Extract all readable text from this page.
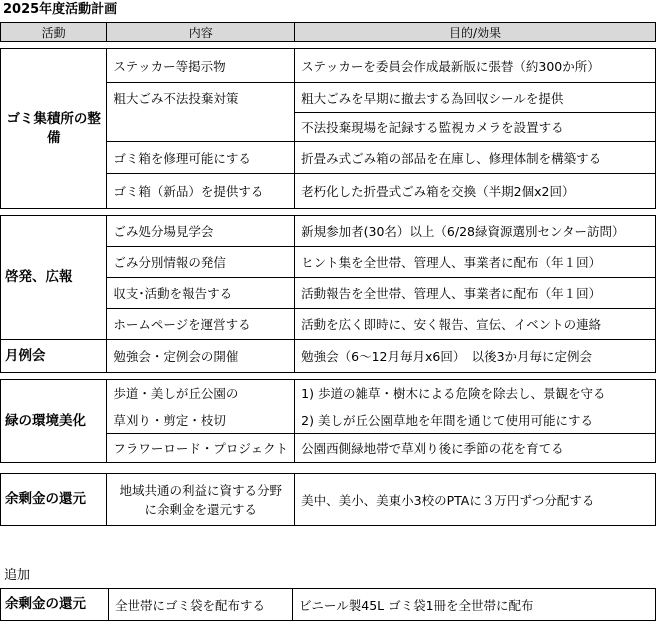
2025年度活動計画
活動	内容	目的/効果

ゴミ集積所の整備	ステッカー等掲示物	ステッカーを委員会作成最新版に張替（約300か所）
	粗大ごみ不法投棄対策	粗大ごみを早期に撤去する為回収シールを提供
		不法投棄現場を記録する監視カメラを設置する
	ゴミ箱を修理可能にする	折畳み式ごみ箱の部品を在庫し、修理体制を構築する
	ゴミ箱（新品）を提供する	老朽化した折畳式ごみ箱を交換（半期2個x2回）

啓発、広報	ごみ処分場見学会	新規参加者(30名）以上（6/28緑資源選別センター訪問）
	ごみ分別情報の発信	ヒント集を全世帯、管理人、事業者に配布（年１回）
	収支･活動を報告する	活動報告を全世帯、管理人、事業者に配布（年１回）
	ホームページを運営する	活動を広く即時に、安く報告、宣伝、イベントの連絡
月例会	勉強会・定例会の開催	勉強会（6～12月毎月x6回）　以後3か月毎に定例会

緑の環境美化	歩道・美しが丘公園の	1) 歩道の雑草・樹木による危険を除去し、景観を守る
	草刈り・剪定・枝切	2) 美しが丘公園草地を年間を通じて使用可能にする
	フラワーロード・プロジェクト	公園西側緑地帯で草刈り後に季節の花を育てる

余剰金の還元	地域共通の利益に資する分野に余剰金を還元する	美中、美小、美東小3校のPTAに３万円ずつ分配する
追加
余剰金の還元	全世帯にゴミ袋を配布する	ビニール製45L ゴミ袋1冊を全世帯に配布
